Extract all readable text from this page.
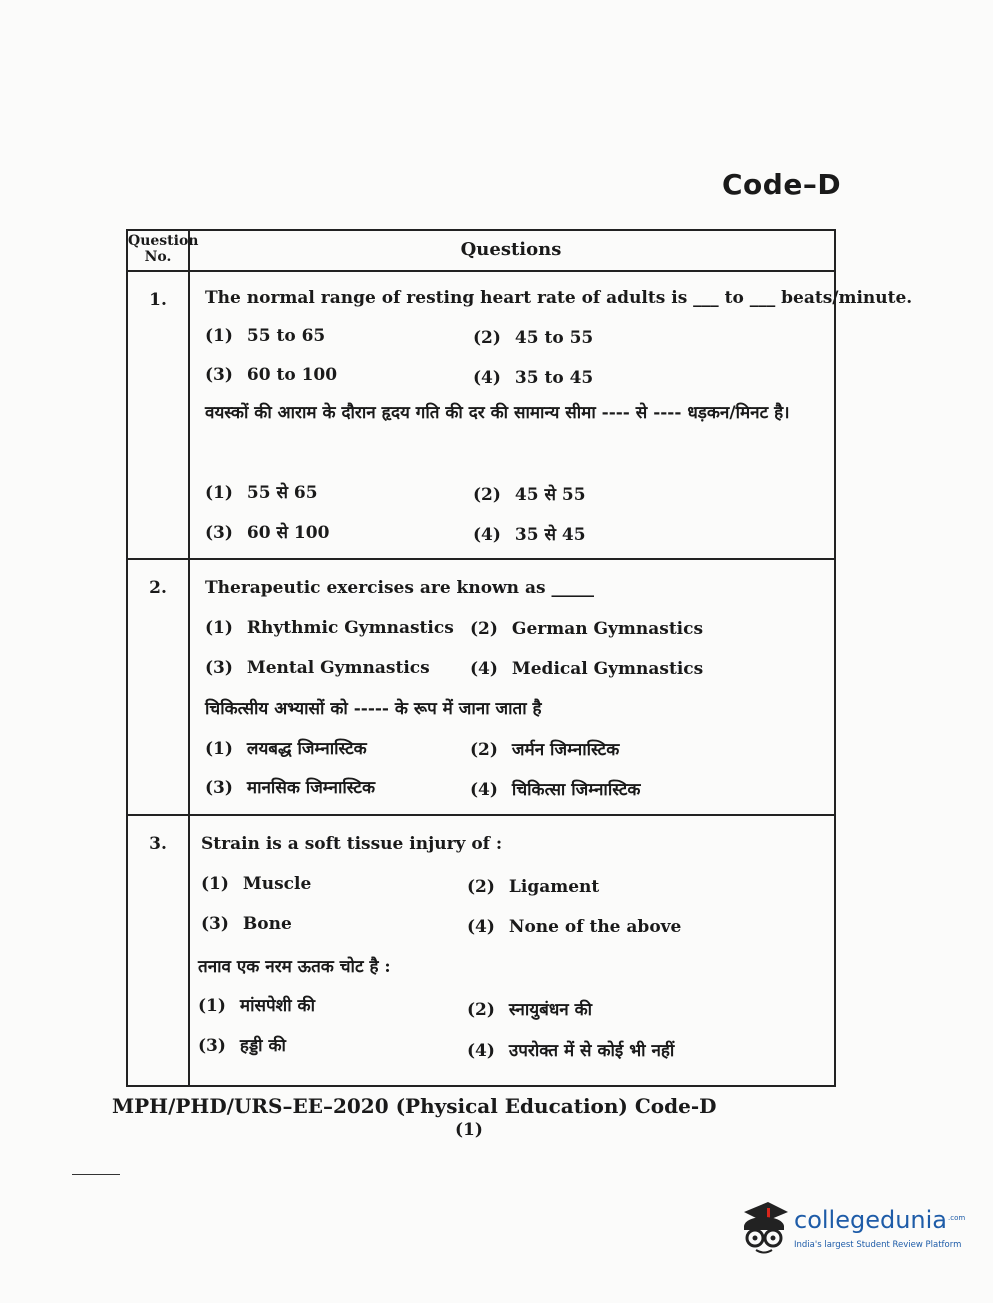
Code–D
Question No.	Questions
1.	The normal range of resting heart rate of adults is ___ to ___ beats/minute.
(1) 55 to 65	(2) 45 to 55
(3) 60 to 100	(4) 35 to 45
वयस्कों की आराम के दौरान हृदय गति की दर की सामान्य सीमा ---- से ---- धड़कन/मिनट है।
(1) 55 से 65	(2) 45 से 55
(3) 60 से 100	(4) 35 से 45
2.	Therapeutic exercises are known as _____
(1) Rhythmic Gymnastics (2) German Gymnastics
(3) Mental Gymnastics (4) Medical Gymnastics
चिकित्सीय अभ्यासों को ----- के रूप में जाना जाता है
(1) लयबद्ध जिम्नास्टिक	(2) जर्मन जिम्नास्टिक
(3) मानसिक जिम्नास्टिक	(4) चिकित्सा जिम्नास्टिक
3.	Strain is a soft tissue injury of :
(1) Muscle	(2) Ligament
(3) Bone	(4) None of the above
तनाव एक नरम ऊतक चोट है :
(1) मांसपेशी की	(2) स्नायुबंधन की
(3) हड्डी की	(4) उपरोक्त में से कोई भी नहीं
MPH/PHD/URS–EE–2020 (Physical Education) Code-D
(1)
collegedunia .com
India's largest Student Review Platform
